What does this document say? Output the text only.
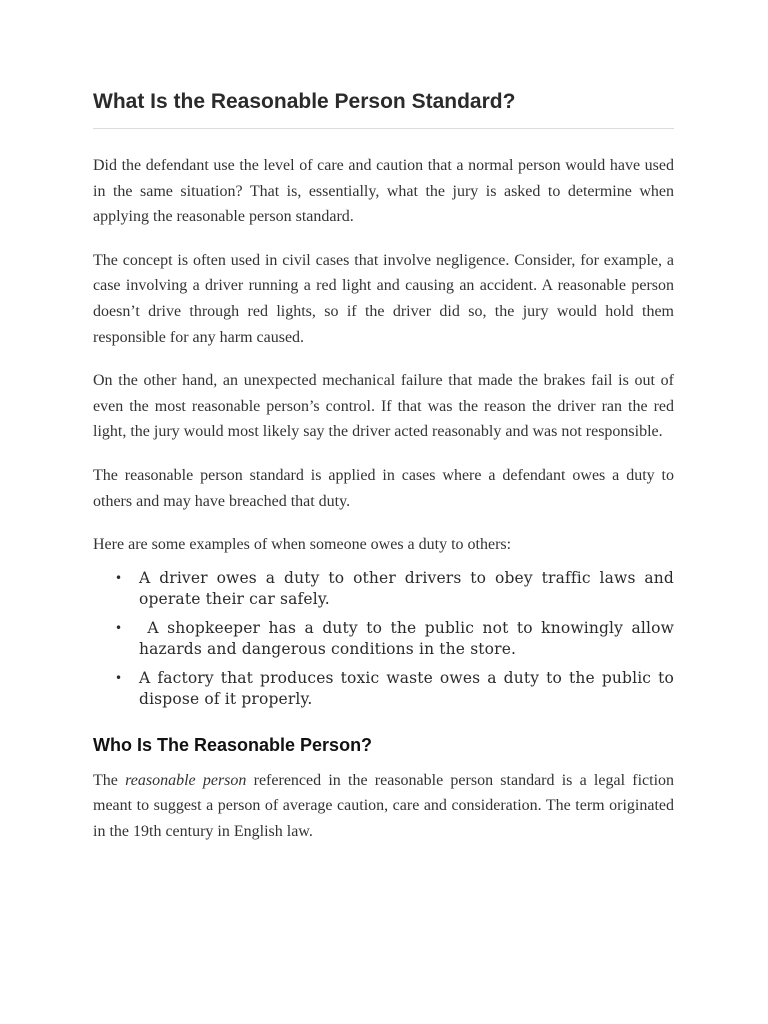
What Is the Reasonable Person Standard?

Did the defendant use the level of care and caution that a normal person would have used in the same situation? That is, essentially, what the jury is asked to determine when applying the reasonable person standard.

The concept is often used in civil cases that involve negligence. Consider, for example, a case involving a driver running a red light and causing an accident. A reasonable person doesn’t drive through red lights, so if the driver did so, the jury would hold them responsible for any harm caused.

On the other hand, an unexpected mechanical failure that made the brakes fail is out of even the most reasonable person’s control. If that was the reason the driver ran the red light, the jury would most likely say the driver acted reasonably and was not responsible.

The reasonable person standard is applied in cases where a defendant owes a duty to others and may have breached that duty.

Here are some examples of when someone owes a duty to others:

• A driver owes a duty to other drivers to obey traffic laws and operate their car safely.
• A shopkeeper has a duty to the public not to knowingly allow hazards and dangerous conditions in the store.
• A factory that produces toxic waste owes a duty to the public to dispose of it properly.
Who Is The Reasonable Person?

The reasonable person referenced in the reasonable person standard is a legal fiction meant to suggest a person of average caution, care and consideration. The term originated in the 19th century in English law.
